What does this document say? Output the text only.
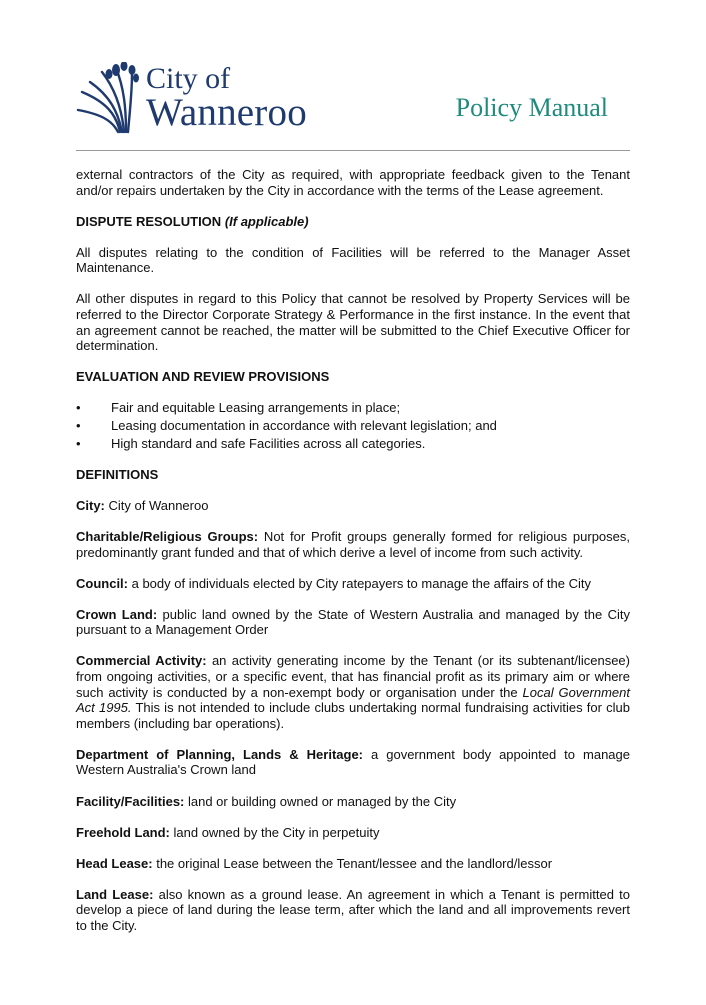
City of
Wanneroo	Policy Manual

external contractors of the City as required, with appropriate feedback given to the Tenant and/or repairs undertaken by the City in accordance with the terms of the Lease agreement.

DISPUTE RESOLUTION (If applicable)

All disputes relating to the condition of Facilities will be referred to the Manager Asset Maintenance.

All other disputes in regard to this Policy that cannot be resolved by Property Services will be referred to the Director Corporate Strategy & Performance in the first instance. In the event that an agreement cannot be reached, the matter will be submitted to the Chief Executive Officer for determination.

EVALUATION AND REVIEW PROVISIONS

• Fair and equitable Leasing arrangements in place;
• Leasing documentation in accordance with relevant legislation; and
• High standard and safe Facilities across all categories.

DEFINITIONS

City: City of Wanneroo

Charitable/Religious Groups: Not for Profit groups generally formed for religious purposes, predominantly grant funded and that of which derive a level of income from such activity.

Council: a body of individuals elected by City ratepayers to manage the affairs of the City

Crown Land: public land owned by the State of Western Australia and managed by the City pursuant to a Management Order

Commercial Activity: an activity generating income by the Tenant (or its subtenant/licensee) from ongoing activities, or a specific event, that has financial profit as its primary aim or where such activity is conducted by a non-exempt body or organisation under the Local Government Act 1995. This is not intended to include clubs undertaking normal fundraising activities for club members (including bar operations).

Department of Planning, Lands & Heritage: a government body appointed to manage Western Australia's Crown land

Facility/Facilities: land or building owned or managed by the City

Freehold Land: land owned by the City in perpetuity

Head Lease: the original Lease between the Tenant/lessee and the landlord/lessor

Land Lease: also known as a ground lease. An agreement in which a Tenant is permitted to develop a piece of land during the lease term, after which the land and all improvements revert to the City.
